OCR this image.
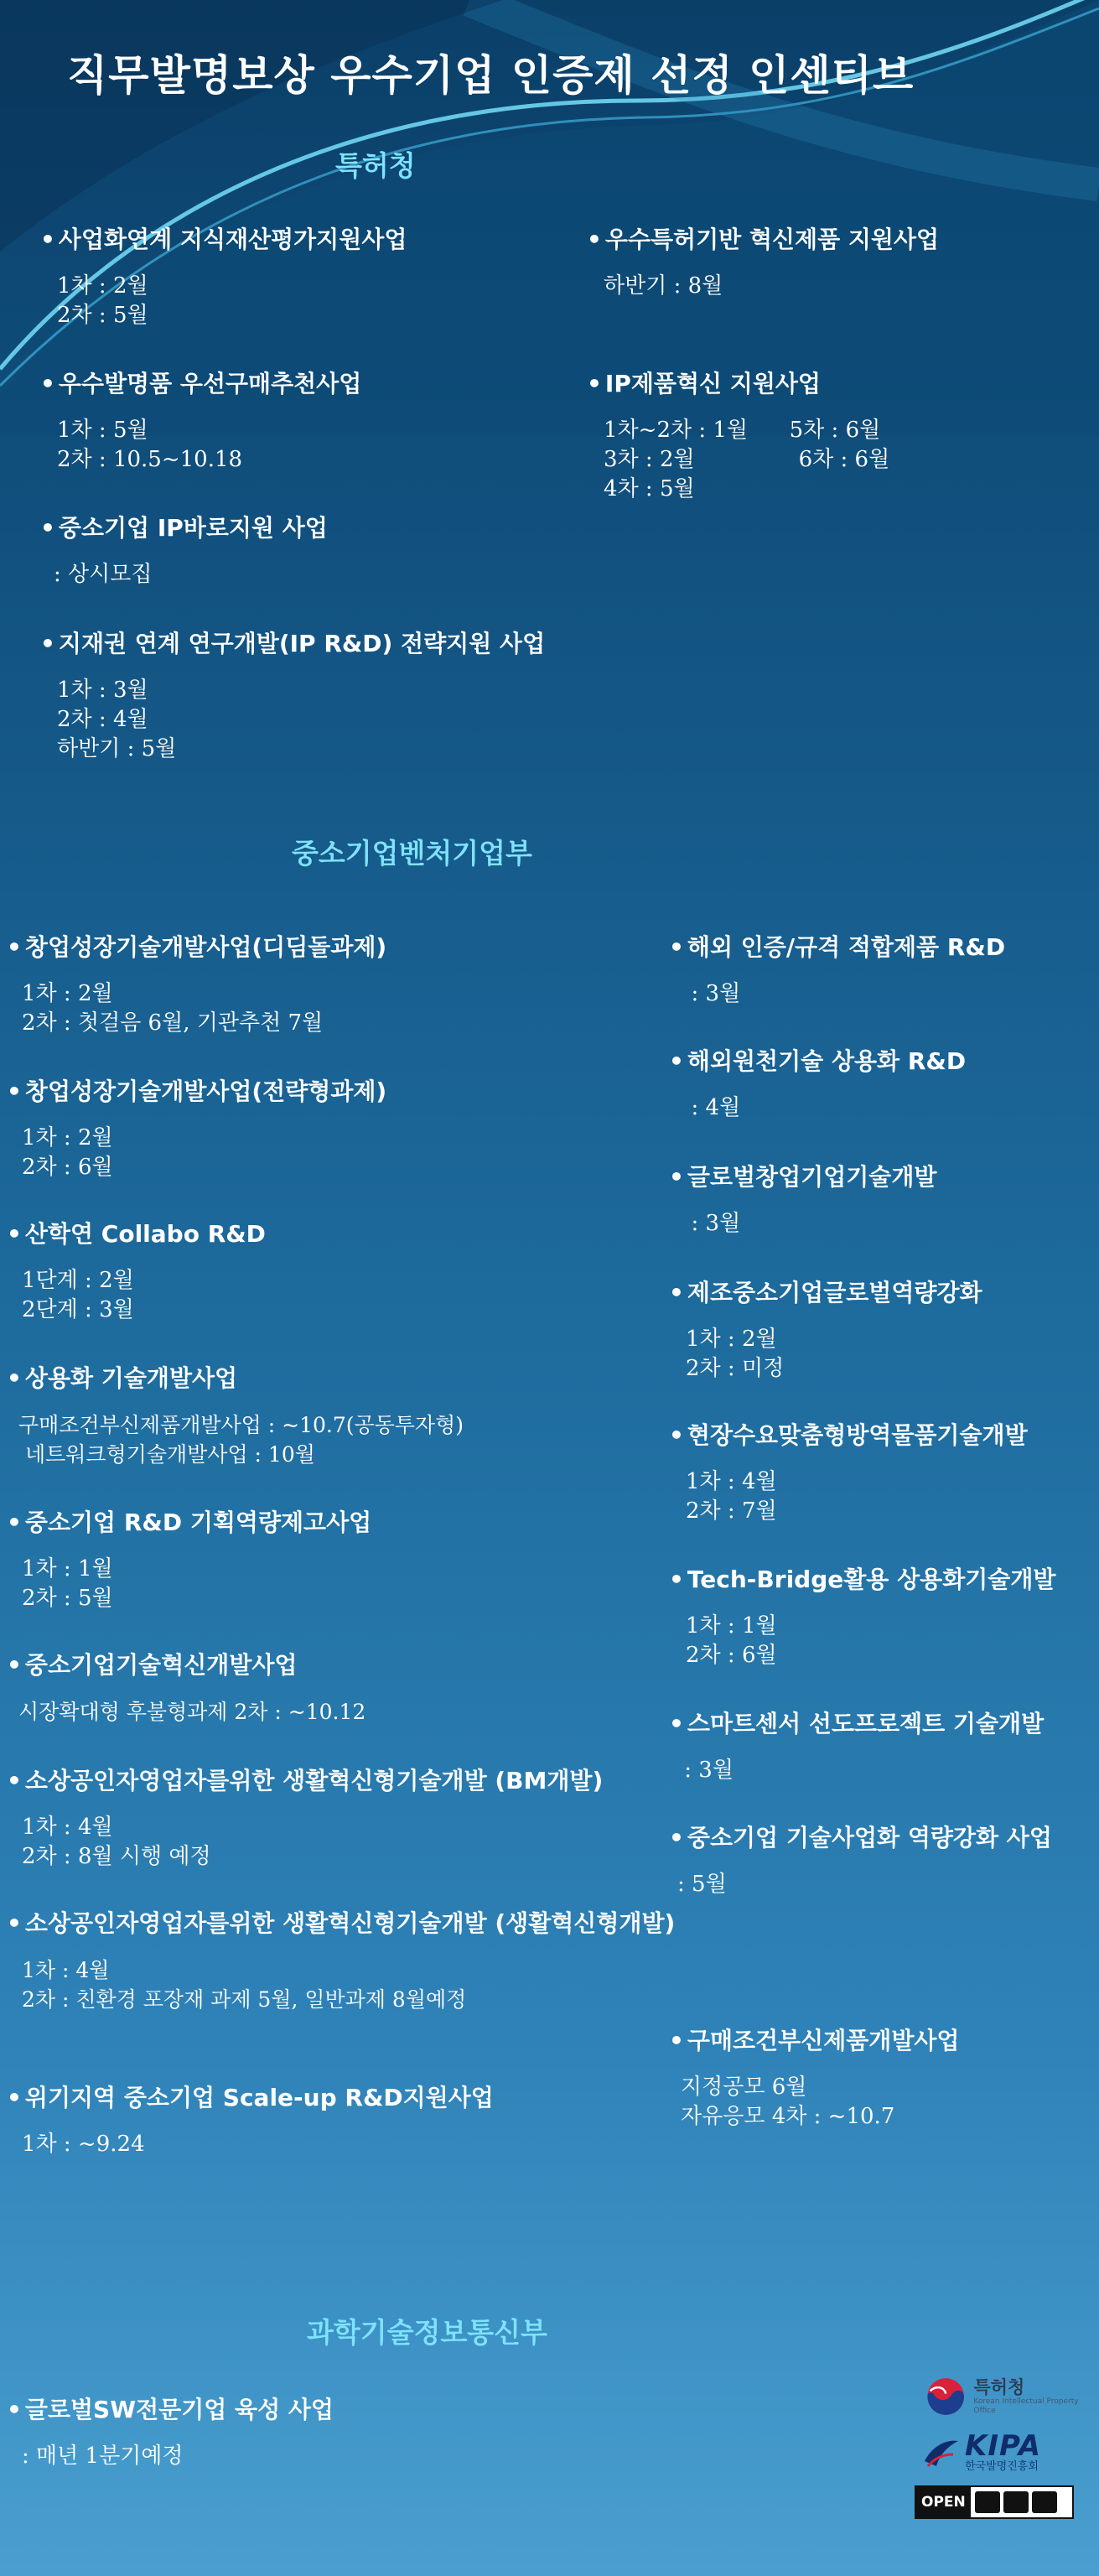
직무발명보상 우수기업 인증제 선정 인센티브
특허청
• 사업화연계 지식재산평가지원사업
1차 : 2월
2차 : 5월
• 우수발명품 우선구매추천사업
1차 : 5월
2차 : 10.5~10.18
• 중소기업 IP바로지원 사업
: 상시모집
• 지재권 연계 연구개발(IP R&D) 전략지원 사업
1차 : 3월
2차 : 4월
하반기 : 5월
• 우수특허기반 혁신제품 지원사업
하반기 : 8월
• IP제품혁신 지원사업
1차~2차 : 1월      5차 : 6월
3차 : 2월               6차 : 6월
4차 : 5월
중소기업벤처기업부
• 창업성장기술개발사업(디딤돌과제)
1차 : 2월
2차 : 첫걸음 6월, 기관추천 7월
• 창업성장기술개발사업(전략형과제)
1차 : 2월
2차 : 6월
• 산학연 Collabo R&D
1단계 : 2월
2단계 : 3월
• 상용화 기술개발사업
구매조건부신제품개발사업 : ~10.7(공동투자형)
네트워크형기술개발사업 : 10월
• 중소기업 R&D 기획역량제고사업
1차 : 1월
2차 : 5월
• 중소기업기술혁신개발사업
시장확대형 후불형과제 2차 : ~10.12
• 소상공인자영업자를위한 생활혁신형기술개발 (BM개발)
1차 : 4월
2차 : 8월 시행 예정
• 소상공인자영업자를위한 생활혁신형기술개발 (생활혁신형개발)
1차 : 4월
2차 : 친환경 포장재 과제 5월, 일반과제 8월예정
• 위기지역 중소기업 Scale-up R&D지원사업
1차 : ~9.24
• 해외 인증/규격 적합제품 R&D
: 3월
• 해외원천기술 상용화 R&D
: 4월
• 글로벌창업기업기술개발
: 3월
• 제조중소기업글로벌역량강화
1차 : 2월
2차 : 미정
• 현장수요맞춤형방역물품기술개발
1차 : 4월
2차 : 7월
• Tech-Bridge활용 상용화기술개발
1차 : 1월
2차 : 6월
• 스마트센서 선도프로젝트 기술개발
: 3월
• 중소기업 기술사업화 역량강화 사업
: 5월
• 구매조건부신제품개발사업
지정공모 6월
자유응모 4차 : ~10.7
과학기술정보통신부
• 글로벌SW전문기업 육성 사업
: 매년 1분기예정
특허청
Korean Intellectual Property Office
KIPA
한국발명진흥회
OPEN
